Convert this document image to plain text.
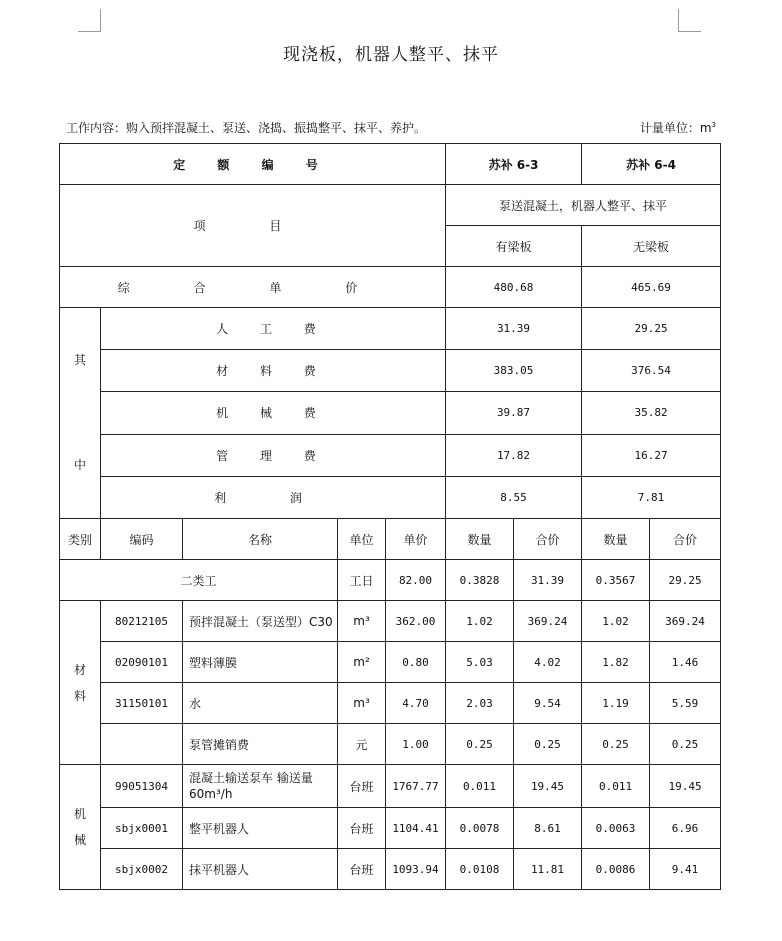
现浇板，机器人整平、抹平
工作内容：购入预拌混凝土、泵送、浇捣、振捣整平、抹平、养护。	计量单位：$m^3$
定 额 编 号					苏补 6-3		苏补 6-4	
项 目					泵送混凝土，机器人整平、抹平			
					有梁板		无梁板	
综 合 单 价					480.68		465.69	

其
中	人 工 费				31.39		29.25	
	材 料 费				383.05		376.54	
	机 械 费				39.87		35.82	
	管 理 费				17.82		16.27	
	利 润				8.55		7.81	
类别	编码	名称	单位	单价	数量	合价	数量	合价
二类工			工日	82.00	0.3828	31.39	0.3567	29.25

材
料	80212105	预拌混凝土（泵送型）C30	m³	362.00	1.02	369.24	1.02	369.24
	02090101	塑料薄膜	m²	0.80	5.03	4.02	1.82	1.46
	31150101	水	m³	4.70	2.03	9.54	1.19	5.59
		泵管摊销费	元	1.00	0.25	0.25	0.25	0.25

机
械	99051304	混凝土输送泵车 输送量 60m³/h	台班	1767.77	0.011	19.45	0.011	19.45
	sbjx0001	整平机器人	台班	1104.41	0.0078	8.61	0.0063	6.96
	sbjx0002	抹平机器人	台班	1093.94	0.0108	11.81	0.0086	9.41
